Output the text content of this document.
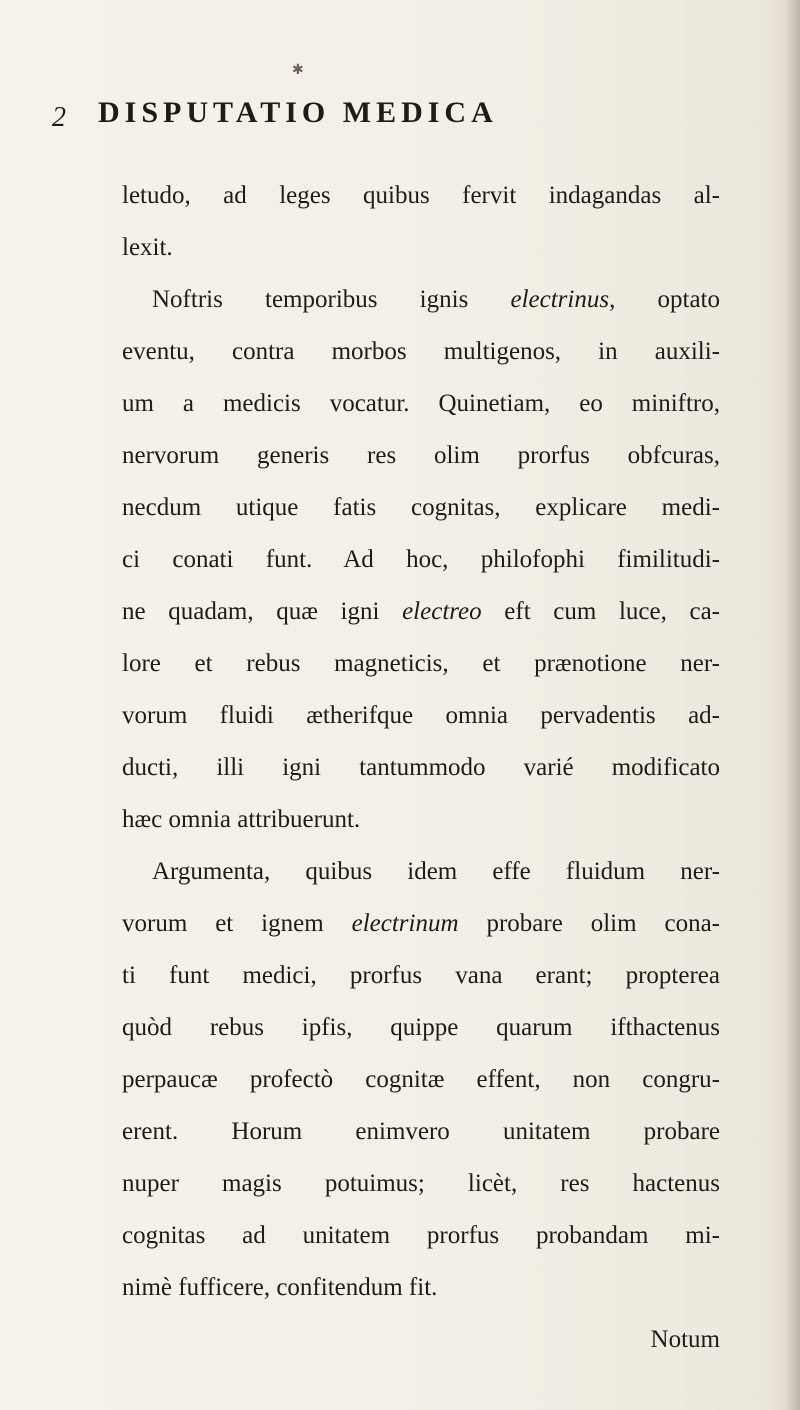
✱
2 DISPUTATIO MEDICA
letudo, ad leges quibus fervit indagandas al-
lexit.
Noftris temporibus ignis electrinus, optato
eventu, contra morbos multigenos, in auxili-
um a medicis vocatur. Quinetiam, eo miniftro,
nervorum generis res olim prorfus obfcuras,
necdum utique fatis cognitas, explicare medi-
ci conati funt. Ad hoc, philofophi fimilitudi-
ne quadam, quæ igni electreo eft cum luce, ca-
lore et rebus magneticis, et prænotione ner-
vorum fluidi ætherifque omnia pervadentis ad-
ducti, illi igni tantummodo varié modificato
hæc omnia attribuerunt.
Argumenta, quibus idem effe fluidum ner-
vorum et ignem electrinum probare olim cona-
ti funt medici, prorfus vana erant; propterea
quòd rebus ipfis, quippe quarum ifthactenus
perpaucæ profectò cognitæ effent, non congru-
erent. Horum enimvero unitatem probare
nuper magis potuimus; licèt, res hactenus
cognitas ad unitatem prorfus probandam mi-
nimè fufficere, confitendum fit.
Notum
